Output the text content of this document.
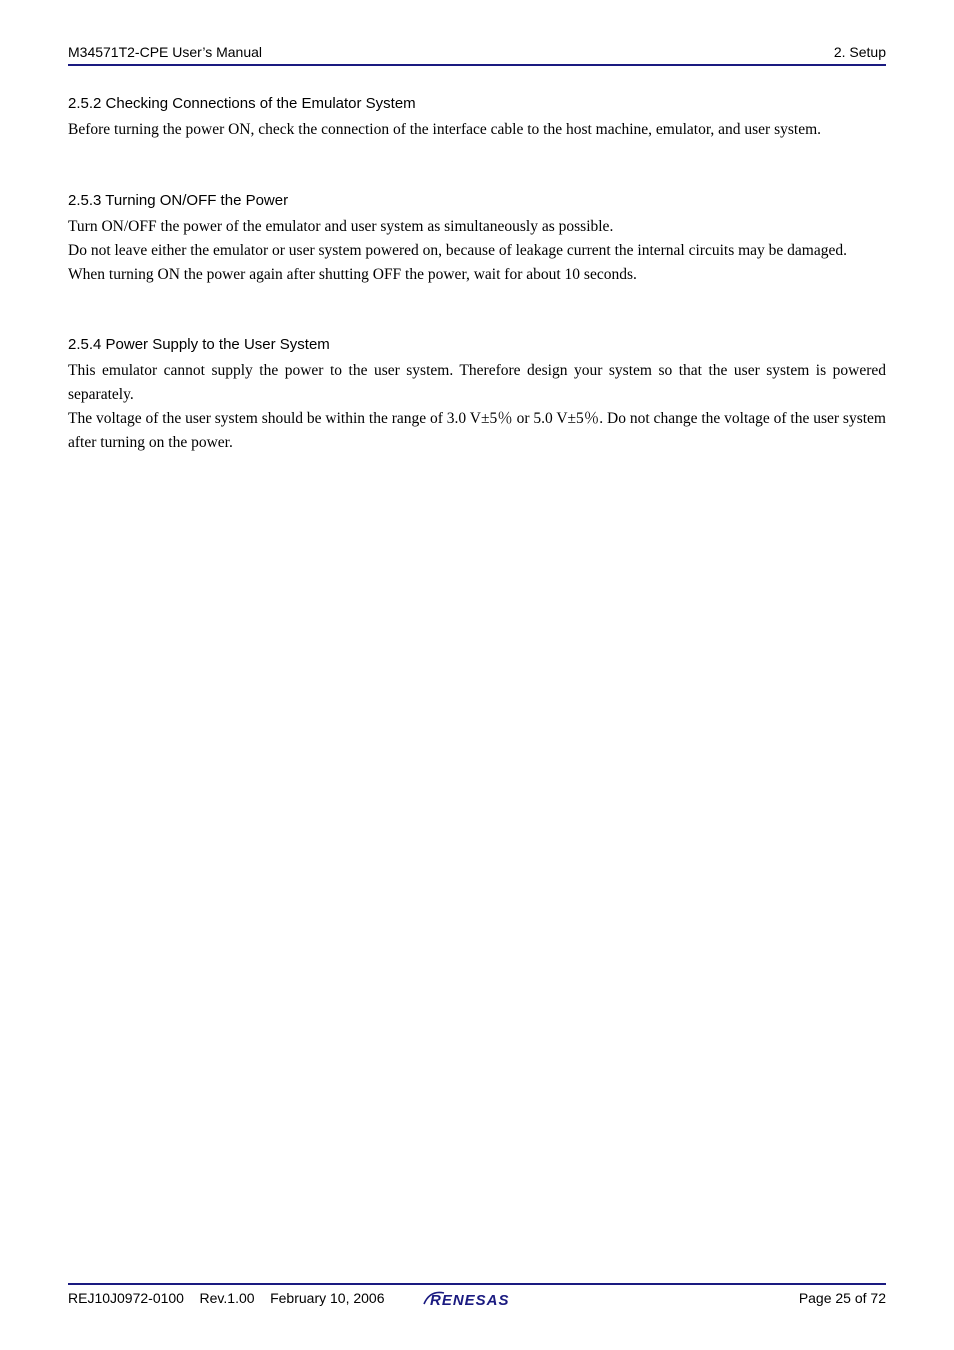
M34571T2-CPE User’s Manual	2. Setup
2.5.2 Checking Connections of the Emulator System

Before turning the power ON, check the connection of the interface cable to the host machine, emulator, and user system.

2.5.3 Turning ON/OFF the Power

Turn ON/OFF the power of the emulator and user system as simultaneously as possible.

Do not leave either the emulator or user system powered on, because of leakage current the internal circuits may be damaged.

When turning ON the power again after shutting OFF the power, wait for about 10 seconds.

2.5.4 Power Supply to the User System

This emulator cannot supply the power to the user system. Therefore design your system so that the user system is powered separately.

The voltage of the user system should be within the range of 3.0 V±5％ or 5.0 V±5％. Do not change the voltage of the user system after turning on the power.

REJ10J0972-0100    Rev.1.00    February 10, 2006	RENESAS	Page 25 of 72
